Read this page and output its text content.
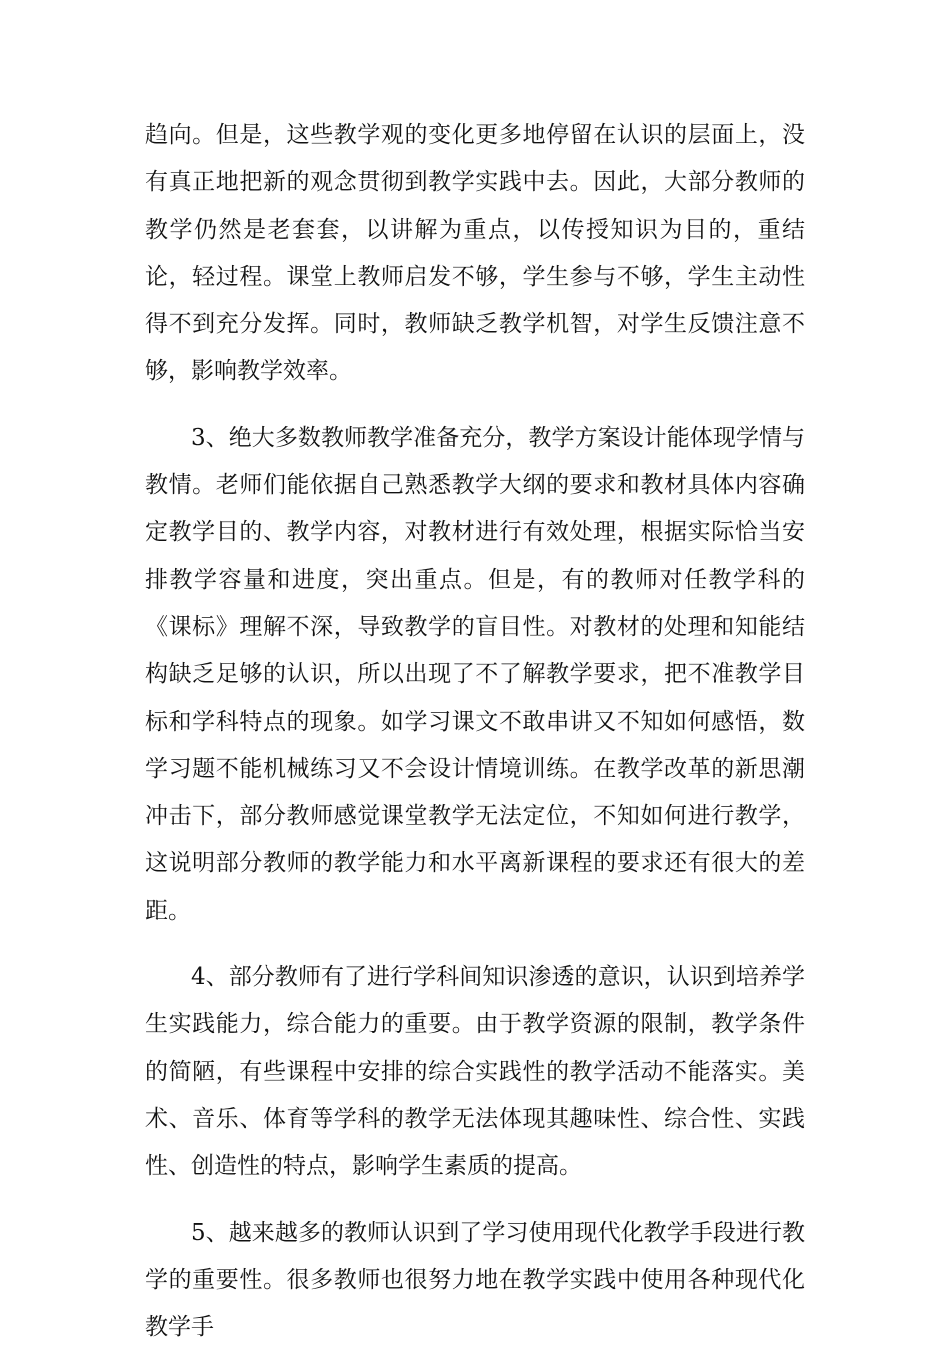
趋向。但是，这些教学观的变化更多地停留在认识的层面上，没有真正地把新的观念贯彻到教学实践中去。因此，大部分教师的教学仍然是老套套，以讲解为重点，以传授知识为目的，重结论，轻过程。课堂上教师启发不够，学生参与不够，学生主动性得不到充分发挥。同时，教师缺乏教学机智，对学生反馈注意不够，影响教学效率。

3、绝大多数教师教学准备充分，教学方案设计能体现学情与教情。老师们能依据自己熟悉教学大纲的要求和教材具体内容确定教学目的、教学内容，对教材进行有效处理，根据实际恰当安排教学容量和进度，突出重点。但是，有的教师对任教学科的《课标》理解不深，导致教学的盲目性。对教材的处理和知能结构缺乏足够的认识，所以出现了不了解教学要求，把不准教学目标和学科特点的现象。如学习课文不敢串讲又不知如何感悟，数学习题不能机械练习又不会设计情境训练。在教学改革的新思潮冲击下，部分教师感觉课堂教学无法定位，不知如何进行教学，这说明部分教师的教学能力和水平离新课程的要求还有很大的差距。

4、部分教师有了进行学科间知识渗透的意识，认识到培养学生实践能力，综合能力的重要。由于教学资源的限制，教学条件的简陋，有些课程中安排的综合实践性的教学活动不能落实。美术、音乐、体育等学科的教学无法体现其趣味性、综合性、实践性、创造性的特点，影响学生素质的提高。

5、越来越多的教师认识到了学习使用现代化教学手段进行教学的重要性。很多教师也很努力地在教学实践中使用各种现代化教学手
